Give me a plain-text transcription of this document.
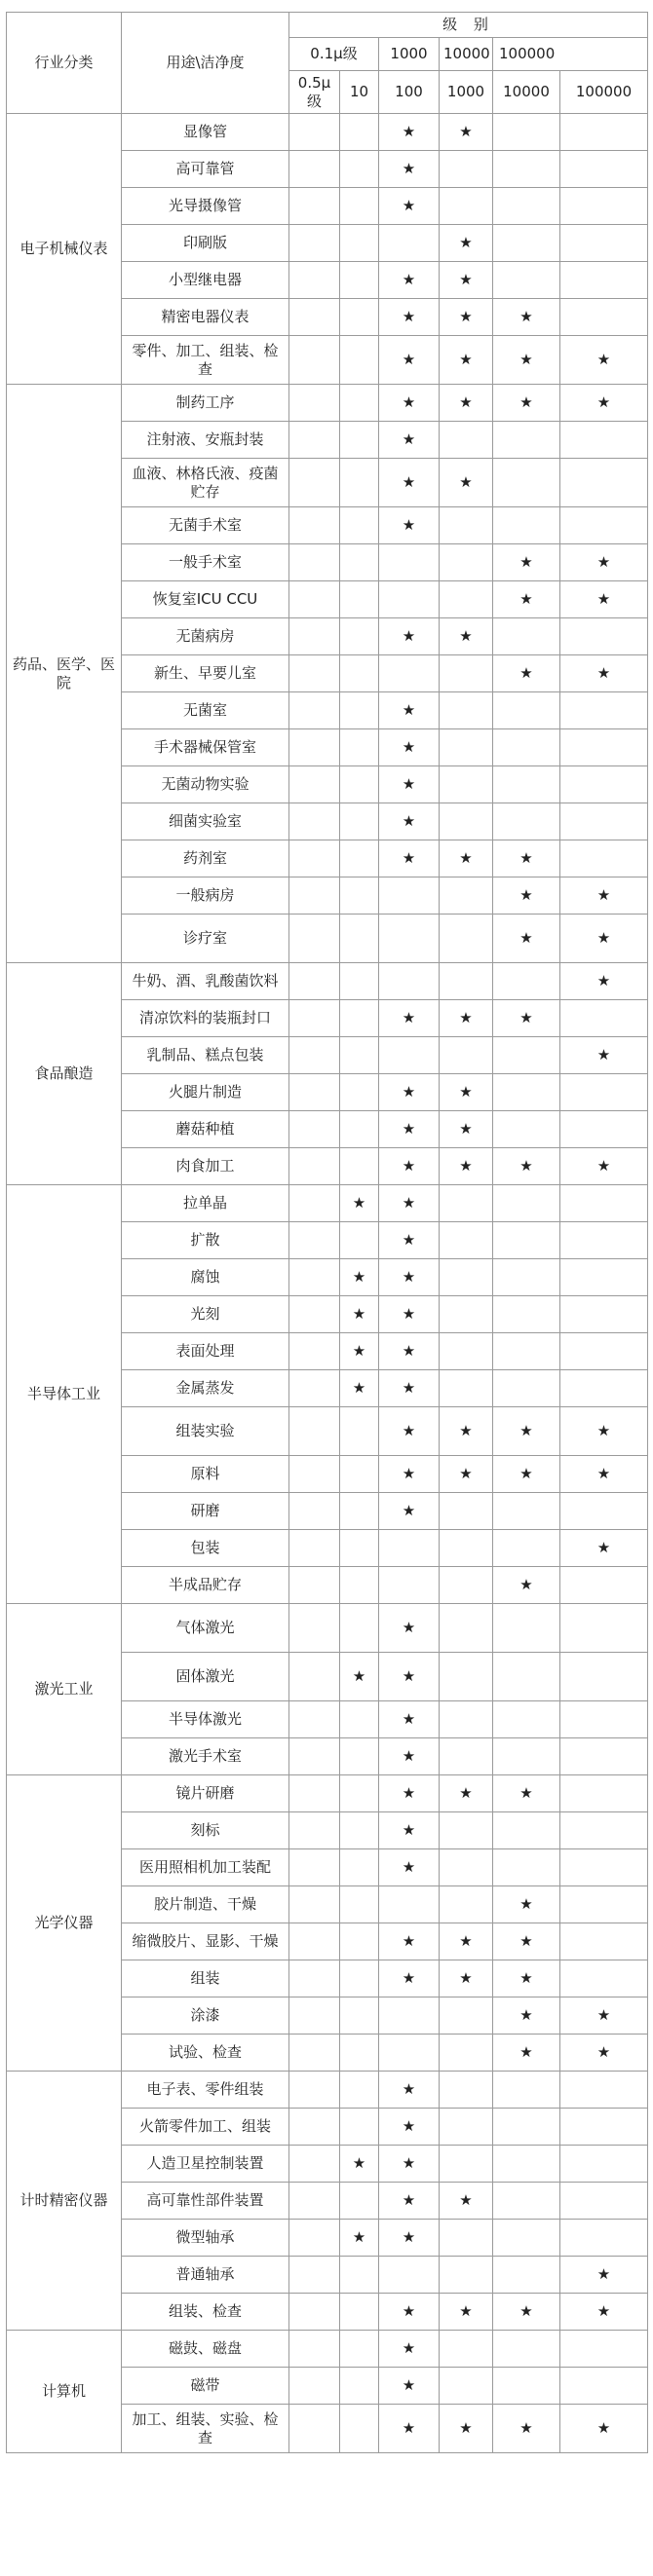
行业分类	用途\洁净度	级 别					
		0.1μ级		1000	10000	100000	
		0.5μ级	10	100	1000	10000	100000
电子机械仪表	显像管			★	★		
	高可靠管			★			
	光导摄像管			★			
	印刷版				★		
	小型继电器			★	★		
	精密电器仪表			★	★	★	
	零件、加工、组装、检查			★	★	★	★
药品、医学、医院	制药工序			★	★	★	★
	注射液、安瓶封装			★			
	血液、林格氏液、疫菌贮存			★	★		
	无菌手术室			★			
	一般手术室					★	★
	恢复室ICU CCU					★	★
	无菌病房			★	★		
	新生、早要儿室					★	★
	无菌室			★			
	手术器械保管室			★			
	无菌动物实验			★			
	细菌实验室			★			
	药剂室			★	★	★	
	一般病房					★	★
	诊疗室					★	★
食品酿造	牛奶、酒、乳酸菌饮料						★
	清凉饮料的装瓶封口			★	★	★	
	乳制品、糕点包装						★
	火腿片制造			★	★		
	蘑菇种植			★	★		
	肉食加工			★	★	★	★
半导体工业	拉单晶		★	★			
	扩散			★			
	腐蚀		★	★			
	光刻		★	★			
	表面处理		★	★			
	金属蒸发		★	★			
	组装实验			★	★	★	★
	原料			★	★	★	★
	研磨			★			
	包装						★
	半成品贮存					★	
激光工业	气体激光			★			
	固体激光		★	★			
	半导体激光			★			
	激光手术室			★			
光学仪器	镜片研磨			★	★	★	
	刻标			★			
	医用照相机加工装配			★			
	胶片制造、干燥					★	
	缩微胶片、显影、干燥			★	★	★	
	组装			★	★	★	
	涂漆					★	★
	试验、检查					★	★
计时精密仪器	电子表、零件组装			★			
	火箭零件加工、组装			★			
	人造卫星控制装置		★	★			
	高可靠性部件装置			★	★		
	微型轴承		★	★			
	普通轴承						★
	组装、检查			★	★	★	★
计算机	磁鼓、磁盘			★			
	磁带			★			
	加工、组装、实验、检查			★	★	★	★
